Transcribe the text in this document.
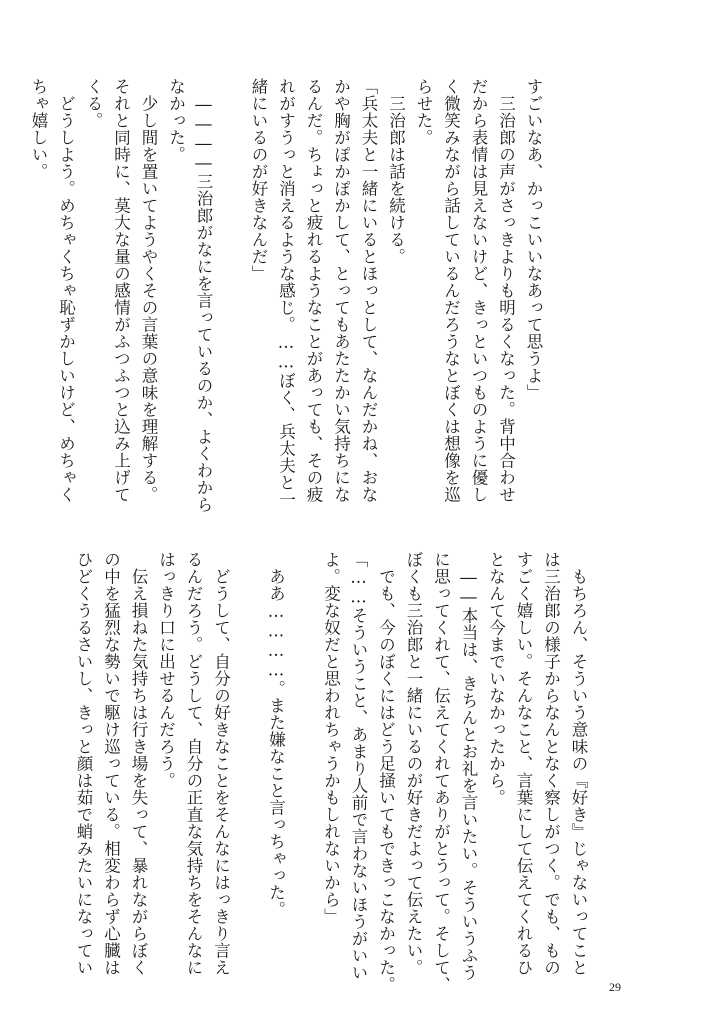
すごいなあ、かっこいいなあって思うよ」
　三治郎の声がさっきよりも明るくなった。背中合わせ
だから表情は見えないけど、きっといつものように優し
く微笑みながら話しているんだろうなとぼくは想像を巡
らせた。
　三治郎は話を続ける。
「兵太夫と一緒にいるとほっとして、なんだかね、おな
かや胸がぽかぽかして、とってもあたたかい気持ちにな
るんだ。ちょっと疲れるようなことがあっても、その疲
れがすうっと消えるような感じ。……ぼく、兵太夫と一
緒にいるのが好きなんだ」

　――――三治郎がなにを言っているのか、よくわから
なかった。
　少し間を置いてようやくその言葉の意味を理解する。
それと同時に、莫大な量の感情がふつふつと込み上げて
くる。
　どうしよう。めちゃくちゃ恥ずかしいけど、めちゃく
ちゃ嬉しい。

　もちろん、そういう意味の『好き』じゃないってこと
は三治郎の様子からなんとなく察しがつく。でも、もの
すごく嬉しい。そんなこと、言葉にして伝えてくれるひ
となんて今までいなかったから。
　――本当は、きちんとお礼を言いたい。そういうふう
に思ってくれて、伝えてくれてありがとうって。そして、
ぼくも三治郎と一緒にいるのが好きだよって伝えたい。
　でも、今のぼくにはどう足掻いてもできっこなかった。
「……そういうこと、あまり人前で言わないほうがいい
よ。変な奴だと思われちゃうかもしれないから」

　ああ…………。また嫌なこと言っちゃった。

　どうして、自分の好きなことをそんなにはっきり言え
るんだろう。どうして、自分の正直な気持ちをそんなに
はっきり口に出せるんだろう。
　伝え損ねた気持ちは行き場を失って、暴れながらぼく
の中を猛烈な勢いで駆け巡っている。相変わらず心臓は
ひどくうるさいし、きっと顔は茹で蛸みたいになってい

29
